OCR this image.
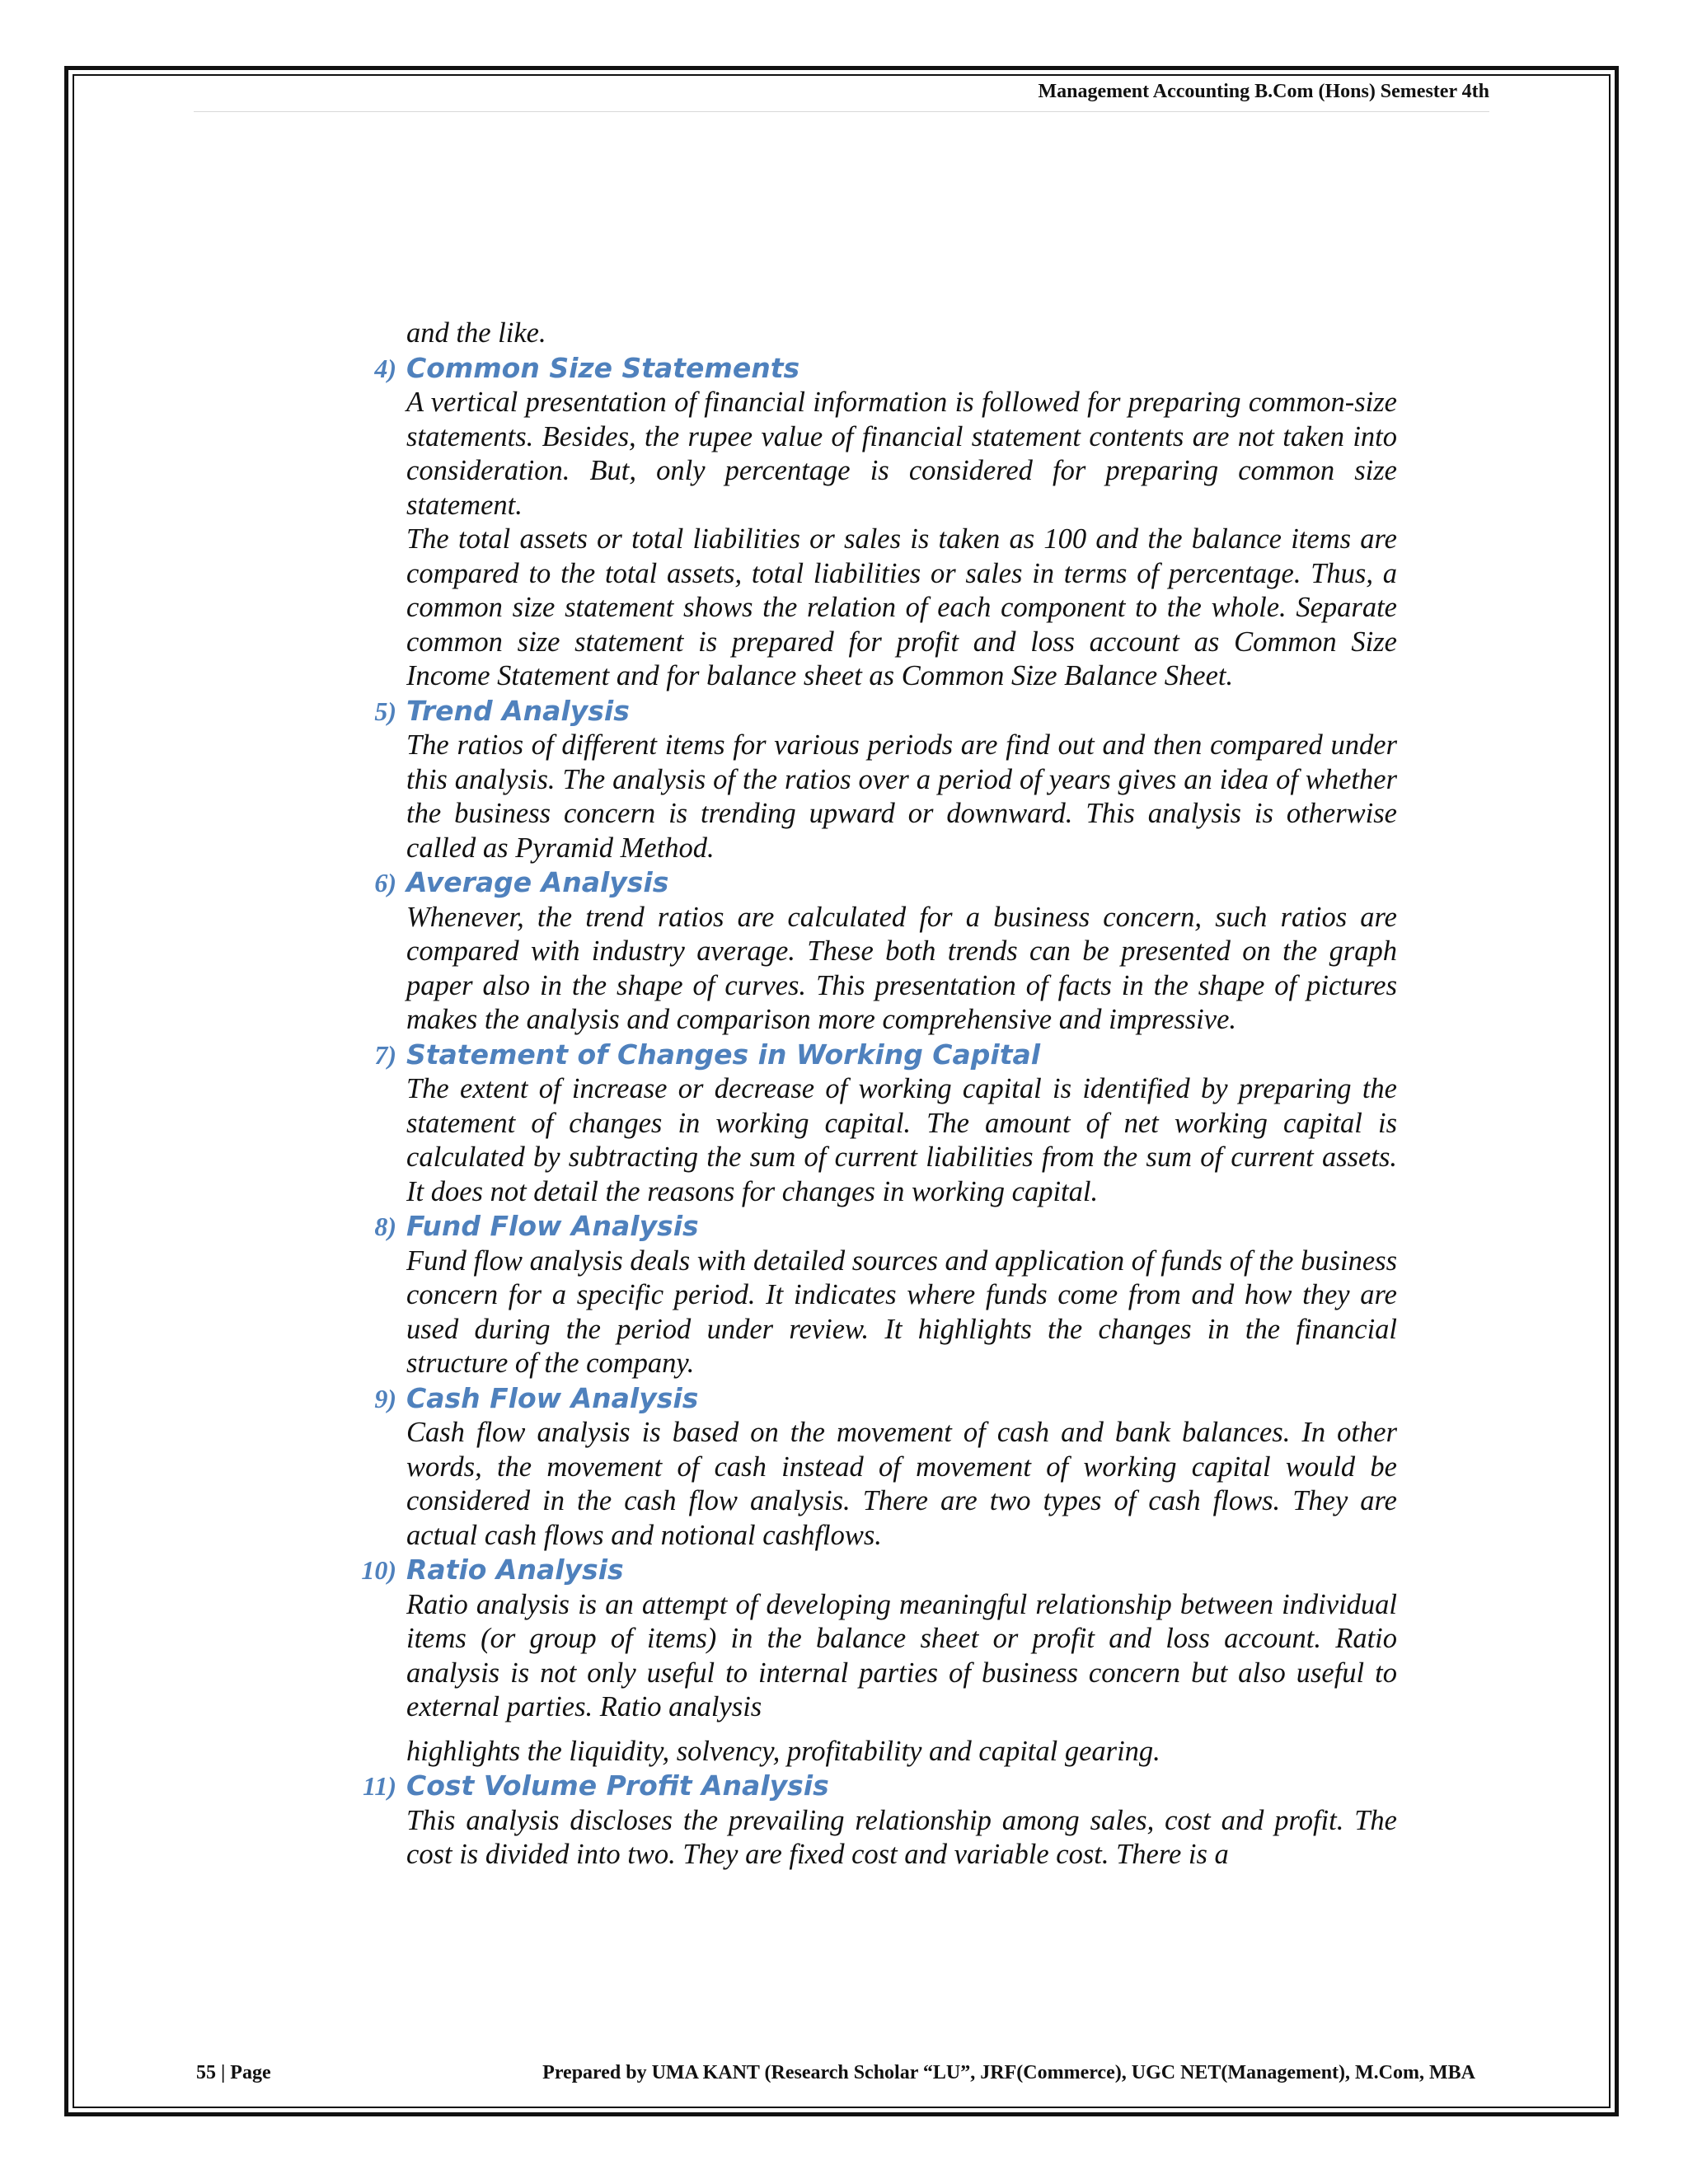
Management Accounting B.Com (Hons) Semester 4th

and the like.

4) Common Size Statements

A vertical presentation of financial information is followed for preparing common-size statements. Besides, the rupee value of financial statement contents are not taken into consideration. But, only percentage is considered for preparing common size statement.

The total assets or total liabilities or sales is taken as 100 and the balance items are compared to the total assets, total liabilities or sales in terms of percentage. Thus, a common size statement shows the relation of each component to the whole. Separate common size statement is prepared for profit and loss account as Common Size Income Statement and for balance sheet as Common Size Balance Sheet.

5) Trend Analysis

The ratios of different items for various periods are find out and then compared under this analysis. The analysis of the ratios over a period of years gives an idea of whether the business concern is trending upward or downward. This analysis is otherwise called as Pyramid Method.

6) Average Analysis

Whenever, the trend ratios are calculated for a business concern, such ratios are compared with industry average. These both trends can be presented on the graph paper also in the shape of curves. This presentation of facts in the shape of pictures makes the analysis and comparison more comprehensive and impressive.

7) Statement of Changes in Working Capital

The extent of increase or decrease of working capital is identified by preparing the statement of changes in working capital. The amount of net working capital is calculated by subtracting the sum of current liabilities from the sum of current assets. It does not detail the reasons for changes in working capital.

8) Fund Flow Analysis

Fund flow analysis deals with detailed sources and application of funds of the business concern for a specific period. It indicates where funds come from and how they are used during the period under review. It highlights the changes in the financial structure of the company.

9) Cash Flow Analysis

Cash flow analysis is based on the movement of cash and bank balances. In other words, the movement of cash instead of movement of working capital would be considered in the cash flow analysis. There are two types of cash flows. They are actual cash flows and notional cashflows.

10) Ratio Analysis

Ratio analysis is an attempt of developing meaningful relationship between individual items (or group of items) in the balance sheet or profit and loss account. Ratio analysis is not only useful to internal parties of business concern but also useful to external parties. Ratio analysis

highlights the liquidity, solvency, profitability and capital gearing.

11) Cost Volume Profit Analysis

This analysis discloses the prevailing relationship among sales, cost and profit. The cost is divided into two. They are fixed cost and variable cost. There is a

55 | Page	Prepared by UMA KANT (Research Scholar “LU”, JRF(Commerce), UGC NET(Management), M.Com, MBA
